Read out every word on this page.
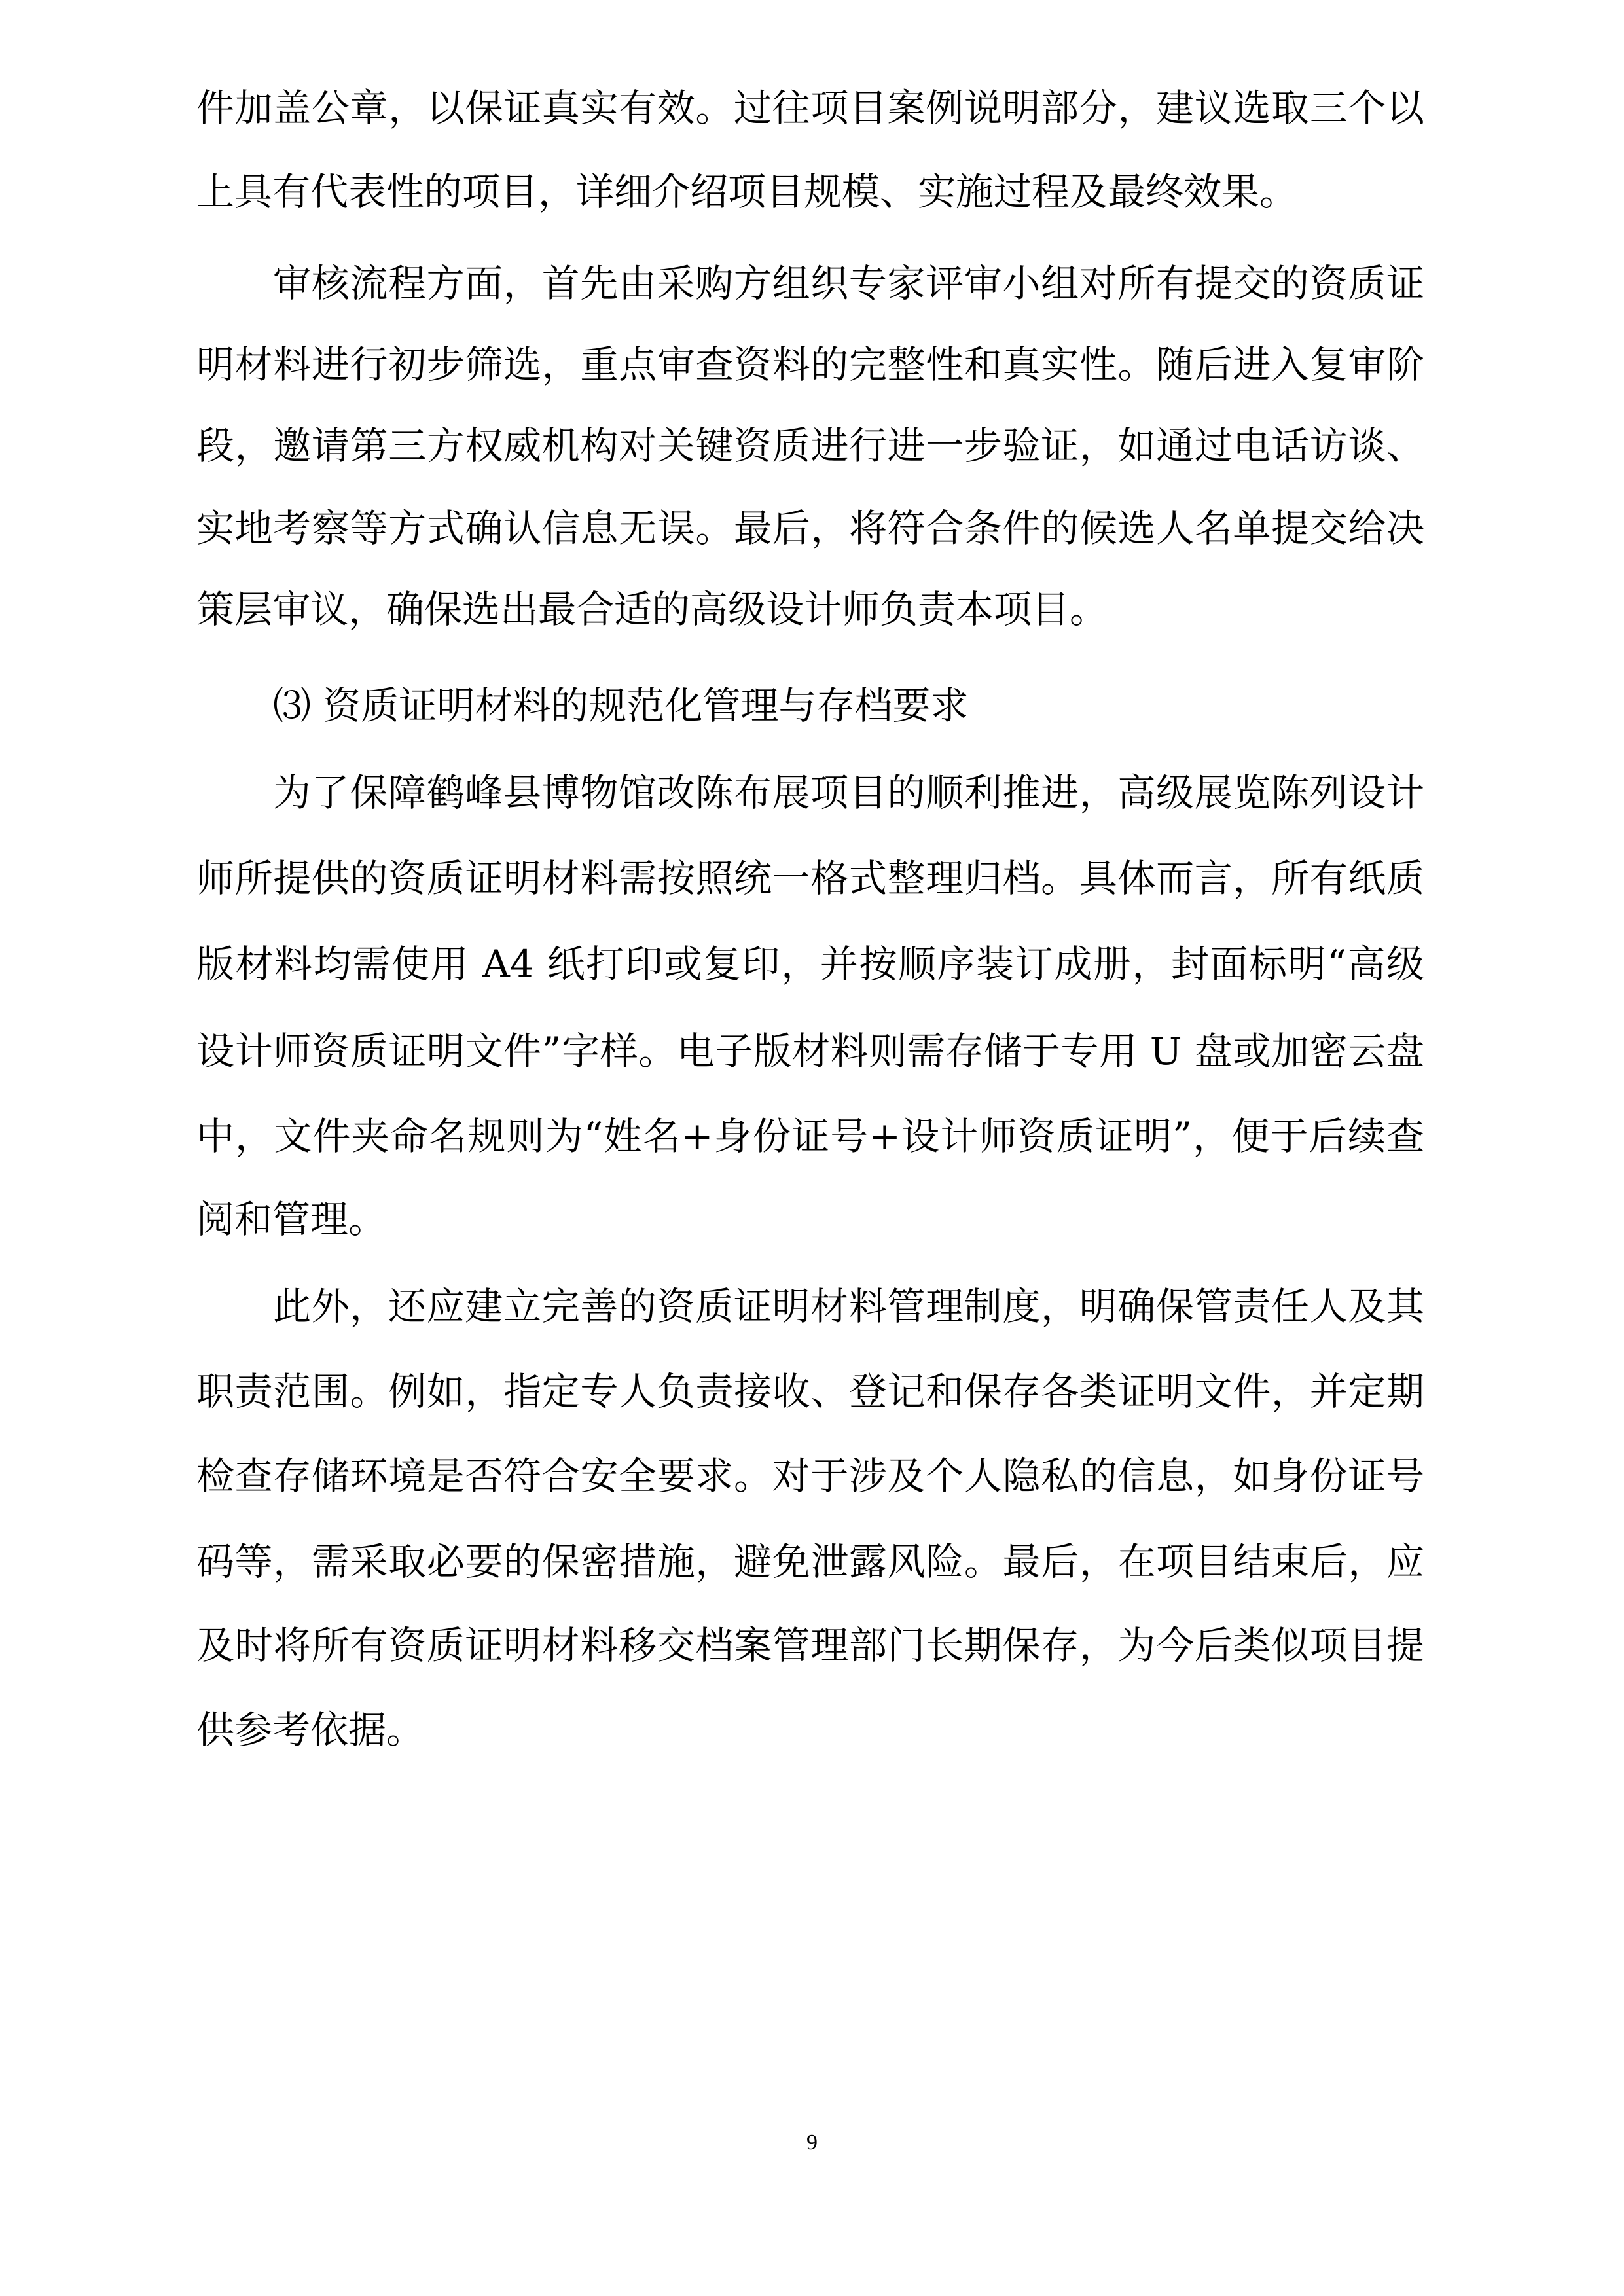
件加盖公章，以保证真实有效。过往项目案例说明部分，建议选取三个以
上具有代表性的项目，详细介绍项目规模、实施过程及最终效果。
审核流程方面，首先由采购方组织专家评审小组对所有提交的资质证
明材料进行初步筛选，重点审查资料的完整性和真实性。随后进入复审阶
段，邀请第三方权威机构对关键资质进行进一步验证，如通过电话访谈、
实地考察等方式确认信息无误。最后，将符合条件的候选人名单提交给决
策层审议，确保选出最合适的高级设计师负责本项目。
⑶ 资质证明材料的规范化管理与存档要求
为了保障鹤峰县博物馆改陈布展项目的顺利推进，高级展览陈列设计
师所提供的资质证明材料需按照统一格式整理归档。具体而言，所有纸质
版材料均需使用 A4 纸打印或复印，并按顺序装订成册，封面标明“高级
设计师资质证明文件”字样。电子版材料则需存储于专用 U 盘或加密云盘
中，文件夹命名规则为“姓名+身份证号+设计师资质证明”，便于后续查
阅和管理。
此外，还应建立完善的资质证明材料管理制度，明确保管责任人及其
职责范围。例如，指定专人负责接收、登记和保存各类证明文件，并定期
检查存储环境是否符合安全要求。对于涉及个人隐私的信息，如身份证号
码等，需采取必要的保密措施，避免泄露风险。最后，在项目结束后，应
及时将所有资质证明材料移交档案管理部门长期保存，为今后类似项目提
供参考依据。
9
